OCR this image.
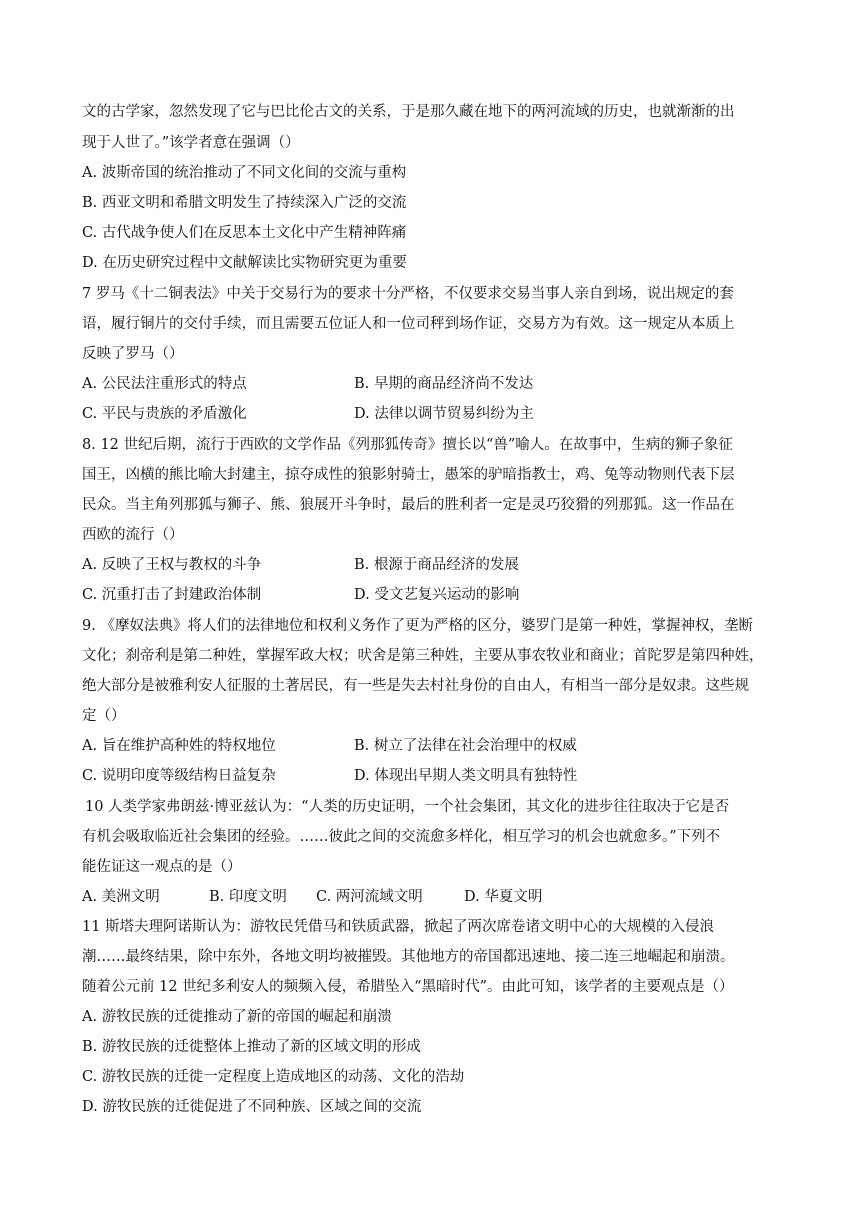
文的古学家，忽然发现了它与巴比伦古文的关系，于是那久藏在地下的两河流域的历史，也就渐渐的出
现于人世了。”该学者意在强调（）
A. 波斯帝国的统治推动了不同文化间的交流与重构
B. 西亚文明和希腊文明发生了持续深入广泛的交流
C. 古代战争使人们在反思本土文化中产生精神阵痛
D. 在历史研究过程中文献解读比实物研究更为重要
7 罗马《十二铜表法》中关于交易行为的要求十分严格，不仅要求交易当事人亲自到场，说出规定的套
语，履行铜片的交付手续，而且需要五位证人和一位司秤到场作证，交易方为有效。这一规定从本质上
反映了罗马（）
A. 公民法注重形式的特点	B. 早期的商品经济尚不发达
C. 平民与贵族的矛盾激化	D. 法律以调节贸易纠纷为主
8. 12 世纪后期，流行于西欧的文学作品《列那狐传奇》擅长以“兽”喻人。在故事中，生病的狮子象征
国王，凶横的熊比喻大封建主，掠夺成性的狼影射骑士，愚笨的驴暗指教士，鸡、兔等动物则代表下层
民众。当主角列那狐与狮子、熊、狼展开斗争时，最后的胜利者一定是灵巧狡猾的列那狐。这一作品在
西欧的流行（）
A. 反映了王权与教权的斗争	B. 根源于商品经济的发展
C. 沉重打击了封建政治体制	D. 受文艺复兴运动的影响
9. 《摩奴法典》将人们的法律地位和权利义务作了更为严格的区分，婆罗门是第一种姓，掌握神权，垄断
文化；刹帝利是第二种姓，掌握军政大权；吠舍是第三种姓，主要从事农牧业和商业；首陀罗是第四种姓，
绝大部分是被雅利安人征服的土著居民，有一些是失去村社身份的自由人，有相当一部分是奴隶。这些规
定（）
A. 旨在维护高种姓的特权地位	B. 树立了法律在社会治理中的权威
C. 说明印度等级结构日益复杂	D. 体现出早期人类文明具有独特性
10 人类学家弗朗兹·博亚兹认为：“人类的历史证明，一个社会集团，其文化的进步往往取决于它是否
有机会吸取临近社会集团的经验。……彼此之间的交流愈多样化，相互学习的机会也就愈多。”下列不
能佐证这一观点的是（）
A. 美洲文明	B. 印度文明 C. 两河流域文明	D. 华夏文明
11 斯塔夫理阿诺斯认为：游牧民凭借马和铁质武器，掀起了两次席卷诸文明中心的大规模的入侵浪
潮……最终结果，除中东外，各地文明均被摧毁。其他地方的帝国都迅速地、接二连三地崛起和崩溃。
随着公元前 12 世纪多利安人的频频入侵，希腊坠入“黑暗时代”。由此可知，该学者的主要观点是（）
A. 游牧民族的迁徙推动了新的帝国的崛起和崩溃
B. 游牧民族的迁徙整体上推动了新的区域文明的形成
C. 游牧民族的迁徙一定程度上造成地区的动荡、文化的浩劫
D. 游牧民族的迁徙促进了不同种族、区域之间的交流
